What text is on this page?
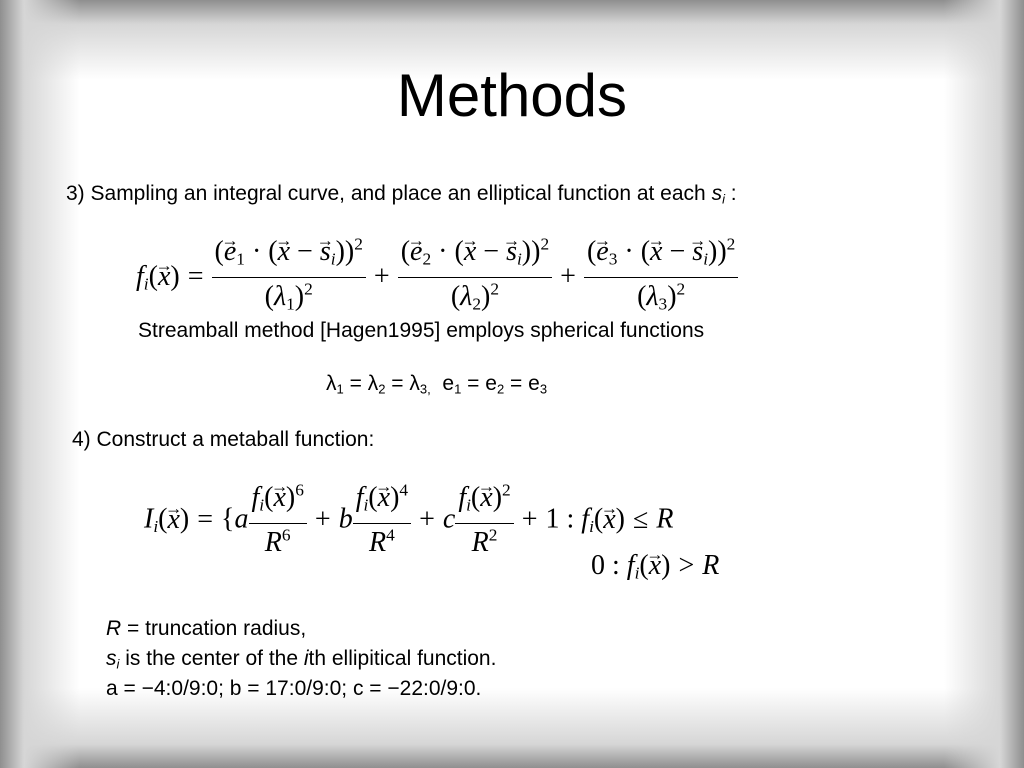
Methods
3) Sampling an integral curve, and place an elliptical function at each $s_i$ :
$f_i(x$ →) = $\frac{(e \to_1 \cdot (x \to - s \to_i))^2}{(\lambda_1)^2} + \frac{(e \to_2 \cdot (x \to - s \to_i))^2}{(\lambda_2)^2} + \frac{(e \to_3 \cdot (x \to - s \to_i))^2}{(\lambda_3)^2}$
Streamball method [Hagen1995] employs spherical functions
$\lambda_1 = \lambda_2 = \lambda_{3,}$ $e_1 = e_2 = e_3$
4) Construct a metaball function:
$I_i(x$ →) = {$a \frac{f_i(x \to)^6}{R^6} + b \frac{f_i(x \to)^4}{R^4} + c \frac{f_i(x \to)^2}{R^2} + 1$ : $f_i(x$ →) ≤ R
0 : $f_i(x$ →) > R
R = truncation radius,
$s_i$ is the center of the ith ellipitical function.
a = −4:0/9:0; b = 17:0/9:0; c = −22:0/9:0.
